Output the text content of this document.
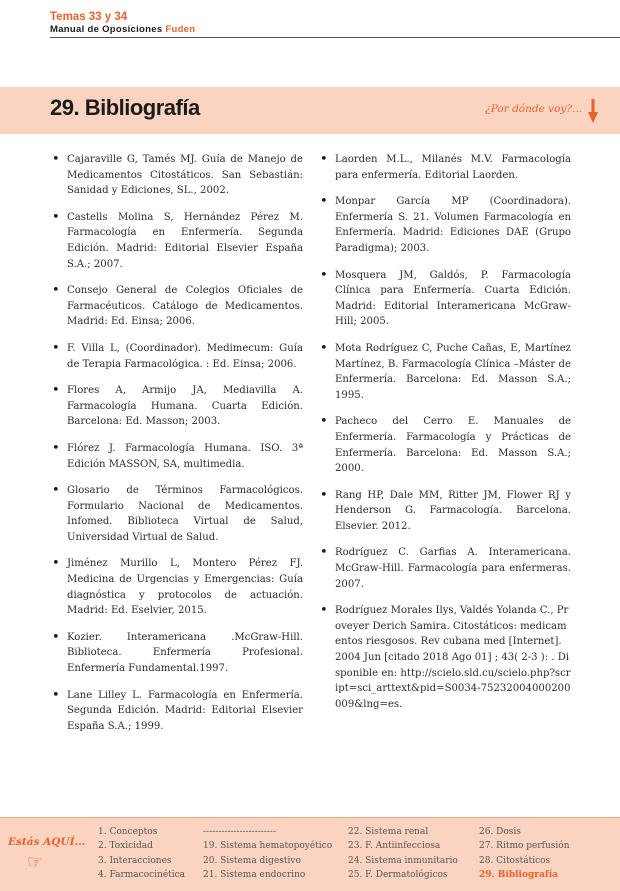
Temas 33 y 34
Manual de Oposiciones Fuden
29. Bibliografía	¿Por dónde voy?...
• Cajaraville G, Tamés MJ. Guía de Manejo de Medicamentos Citostáticos. San Sebastián: Sanidad y Ediciones, SL., 2002.
• Castells Molina S, Hernández Pérez M. Farmacología en Enfermería. Segunda Edición. Madrid: Editorial Elsevier España S.A.; 2007.
• Consejo General de Colegios Oficiales de Farmacéuticos. Catálogo de Medicamentos. Madrid: Ed. Einsa; 2006.
• F. Villa L, (Coordinador). Medimecum: Guía de Terapia Farmacológica. : Ed. Einsa; 2006.
• Flores A, Armijo JA, Mediavilla A. Farmacología Humana. Cuarta Edición. Barcelona: Ed. Masson; 2003.
• Flórez J. Farmacología Humana. ISO. 3ª Edición MASSON, SA, multimedia.
• Glosario de Términos Farmacológicos. Formulario Nacional de Medicamentos. Infomed. Biblioteca Virtual de Salud, Universidad Virtual de Salud.
• Jiménez Murillo L, Montero Pérez FJ. Medicina de Urgencias y Emergencias: Guía diagnóstica y protocolos de actuación. Madrid: Ed. Eselvier, 2015.
• Kozier. Interamericana .McGraw-Hill. Biblioteca. Enfermería Profesional. Enfermería Fundamental.1997.
• Lane Lilley L. Farmacología en Enfermería. Segunda Edición. Madrid: Editorial Elsevier España S.A.; 1999.
• Laorden M.L., Milanés M.V. Farmacología para enfermería. Editorial Laorden.
• Monpar García MP (Coordinadora). Enfermería S. 21. Volumen Farmacología en Enfermería. Madrid: Ediciones DAE (Grupo Paradigma); 2003.
• Mosquera JM, Galdós, P. Farmacología Clínica para Enfermería. Cuarta Edición. Madrid: Editorial Interamericana McGraw-Hill; 2005.
• Mota Rodríguez C, Puche Cañas, E, Martínez Martínez, B. Farmacología Clínica –Máster de Enfermería. Barcelona: Ed. Masson S.A.; 1995.
• Pacheco del Cerro E. Manuales de Enfermería. Farmacología y Prácticas de Enfermería. Barcelona: Ed. Masson S.A.; 2000.
• Rang HP, Dale MM, Ritter JM, Flower RJ y Henderson G. Farmacología. Barcelona. Elsevier. 2012.
• Rodríguez C. Garfias A. Interamericana. McGraw-Hill. Farmacología para enfermeras. 2007.
• Rodríguez Morales Ilys, Valdés Yolanda C., Proveyer Derich Samira. Citostáticos: medicamentos riesgosos. Rev cubana med [Internet]. 2004 Jun [citado 2018 Ago 01] ; 43( 2-3 ): . Disponible en: http://scielo.sld.cu/scielo.php?script=sci_arttext&pid=S0034-75232004000200009&lng=es.
Estás AQUÍ...
☞
1. Conceptos
2. Toxicidad
3. Interacciones
4. Farmacocinética
------------------------
19. Sistema hematopoyético
20. Sistema digestivo
21. Sistema endocrino
22. Sistema renal
23. F. Antiinfecciosa
24. Sistema inmunitario
25. F. Dermatológicos
26. Dosis
27. Ritmo perfusión
28. Citostáticos
29. Bibliografía
